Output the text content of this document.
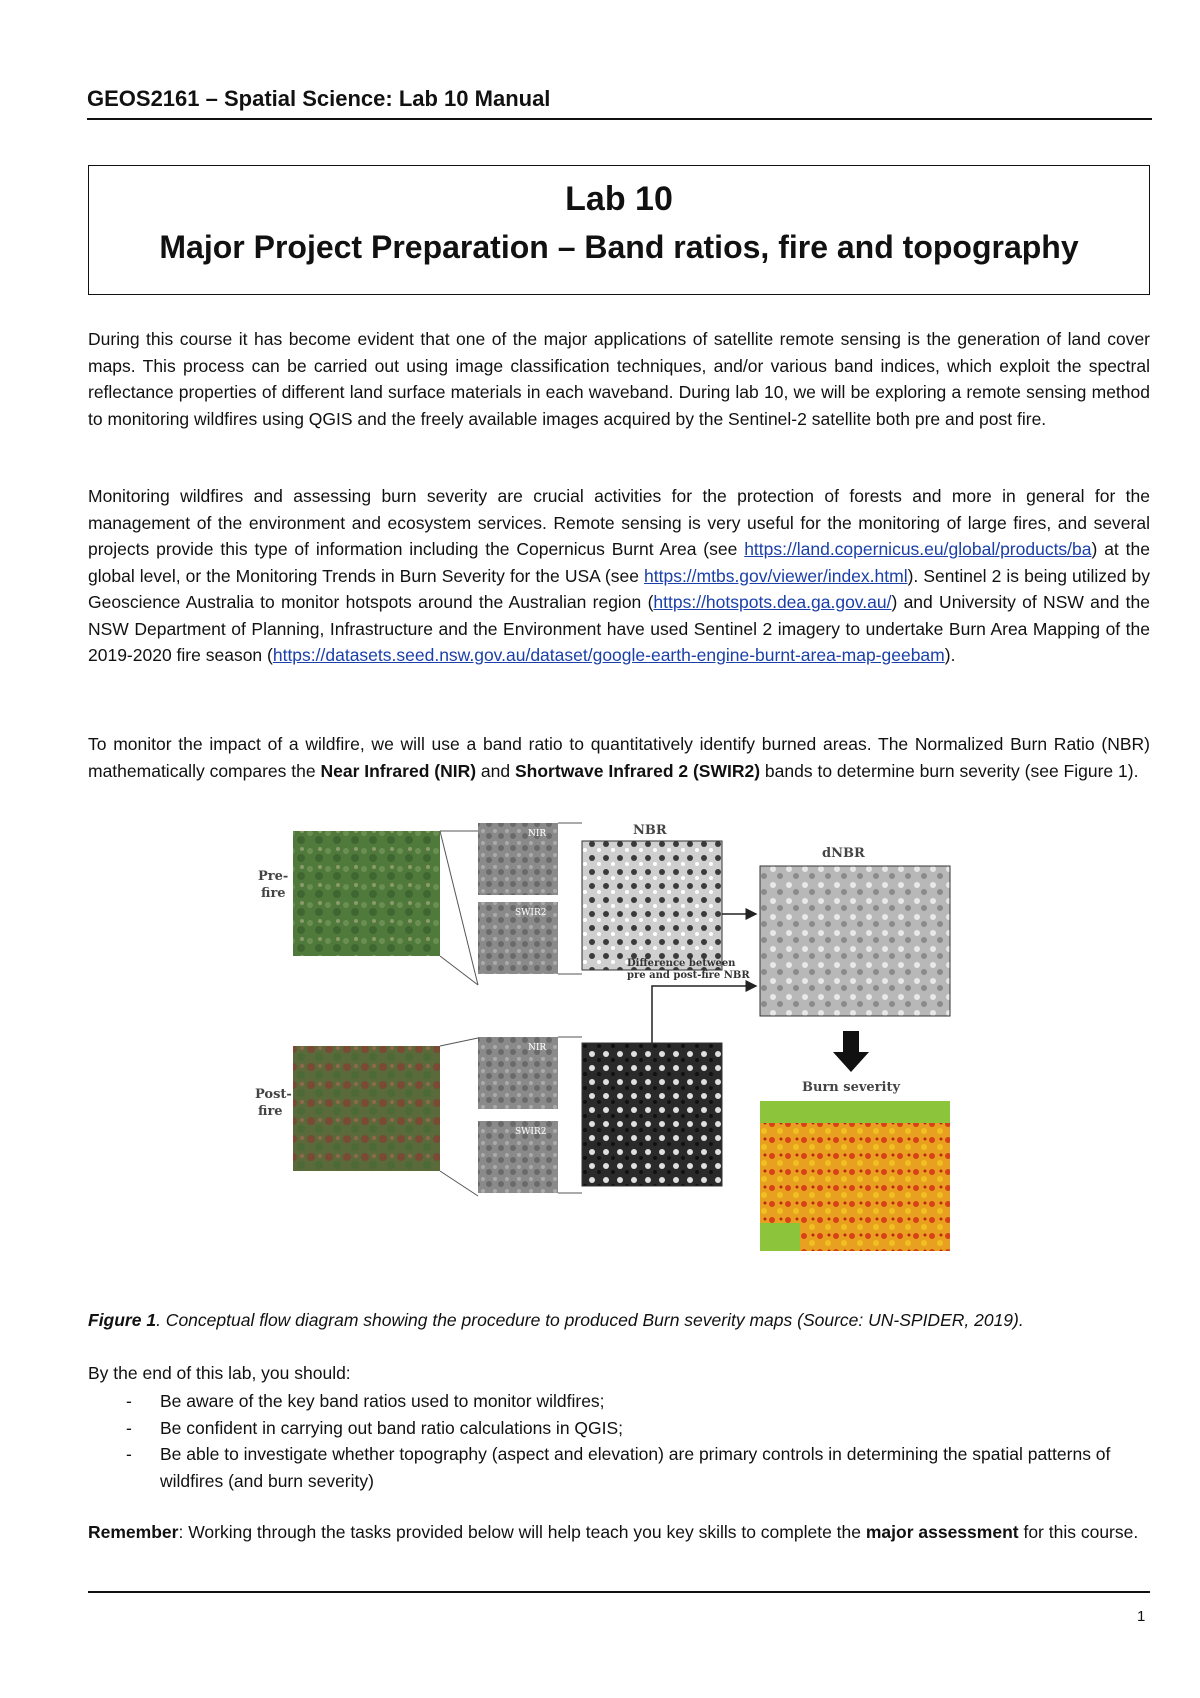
GEOS2161 – Spatial Science: Lab 10 Manual
Lab 10
Major Project Preparation – Band ratios, fire and topography

During this course it has become evident that one of the major applications of satellite remote sensing is the generation of land cover maps. This process can be carried out using image classification techniques, and/or various band indices, which exploit the spectral reflectance properties of different land surface materials in each waveband. During lab 10, we will be exploring a remote sensing method to monitoring wildfires using QGIS and the freely available images acquired by the Sentinel-2 satellite both pre and post fire.

Monitoring wildfires and assessing burn severity are crucial activities for the protection of forests and more in general for the management of the environment and ecosystem services. Remote sensing is very useful for the monitoring of large fires, and several projects provide this type of information including the Copernicus Burnt Area (see https://land.copernicus.eu/global/products/ba) at the global level, or the Monitoring Trends in Burn Severity for the USA (see https://mtbs.gov/viewer/index.html). Sentinel 2 is being utilized by Geoscience Australia to monitor hotspots around the Australian region (https://hotspots.dea.ga.gov.au/) and University of NSW and the NSW Department of Planning, Infrastructure and the Environment have used Sentinel 2 imagery to undertake Burn Area Mapping of the 2019-2020 fire season (https://datasets.seed.nsw.gov.au/dataset/google-earth-engine-burnt-area-map-geebam).

To monitor the impact of a wildfire, we will use a band ratio to quantitatively identify burned areas. The Normalized Burn Ratio (NBR) mathematically compares the Near Infrared (NIR) and Shortwave Infrared 2 (SWIR2) bands to determine burn severity (see Figure 1).

Pre-
fire
NIR
SWIR2
NBR
dNBR
Difference between
pre and post-fire NBR
Burn severity
Post-
fire
NIR
SWIR2
Figure 1. Conceptual flow diagram showing the procedure to produced Burn severity maps (Source: UN-SPIDER, 2019).
By the end of this lab, you should:
- Be aware of the key band ratios used to monitor wildfires;
- Be confident in carrying out band ratio calculations in QGIS;
- Be able to investigate whether topography (aspect and elevation) are primary controls in determining the spatial patterns of wildfires (and burn severity)
Remember: Working through the tasks provided below will help teach you key skills to complete the major assessment for this course.
1
